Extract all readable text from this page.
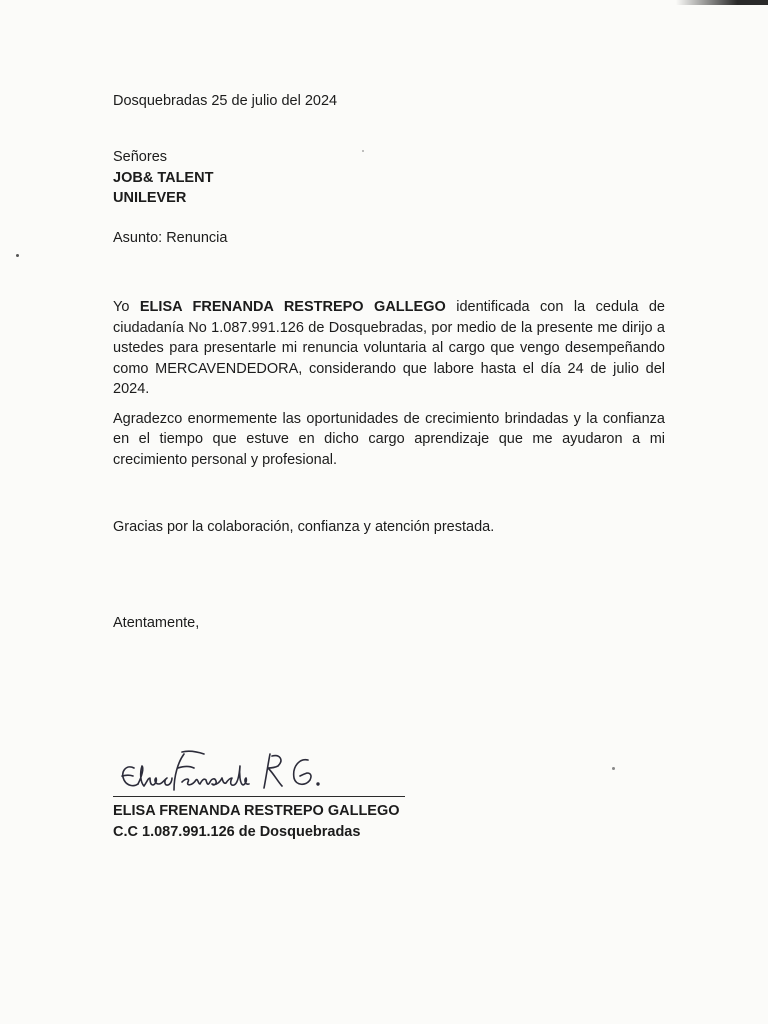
Dosquebradas 25 de julio del 2024
Señores
JOB& TALENT
UNILEVER
Asunto: Renuncia

Yo ELISA FRENANDA RESTREPO GALLEGO identificada con la cedula de ciudadanía No 1.087.991.126 de Dosquebradas, por medio de la presente me dirijo a ustedes para presentarle mi renuncia voluntaria al cargo que vengo desempeñando como MERCAVENDEDORA, considerando que labore hasta el día 24 de julio del 2024.

Agradezco enormemente las oportunidades de crecimiento brindadas y la confianza en el tiempo que estuve en dicho cargo aprendizaje que me ayudaron a mi crecimiento personal y profesional.

Gracias por la colaboración, confianza y atención prestada.
Atentamente,
Elisa Fernanda R.G.
ELISA FRENANDA RESTREPO GALLEGO
C.C 1.087.991.126 de Dosquebradas
